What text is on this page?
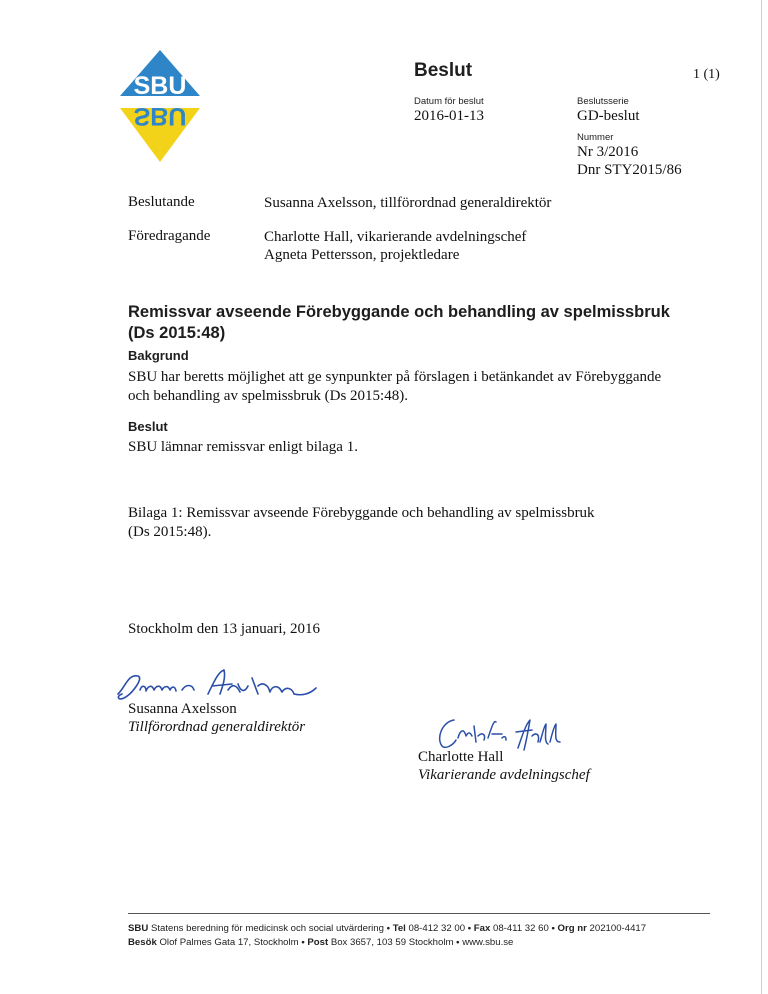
SBU
SBU
Beslut	1 (1)
Datum för beslut
2016-01-13
Beslutsserie
GD-beslut
Nummer
Nr 3/2016
Dnr STY2015/86
Beslutande	Susanna Axelsson, tillförordnad generaldirektör
Föredragande	Charlotte Hall, vikarierande avdelningschef
Agneta Pettersson, projektledare
Remissvar avseende Förebyggande och behandling av spelmissbruk
(Ds 2015:48)
Bakgrund
SBU har beretts möjlighet att ge synpunkter på förslagen i betänkandet av Förebyggande
och behandling av spelmissbruk (Ds 2015:48).
Beslut
SBU lämnar remissvar enligt bilaga 1.
Bilaga 1: Remissvar avseende Förebyggande och behandling av spelmissbruk
(Ds 2015:48).
Stockholm den 13 januari, 2016
Susanna Axelsson
Tillförordnad generaldirektör
Charlotte Hall
Vikarierande avdelningschef
SBU Statens beredning för medicinsk och social utvärdering • Tel 08-412 32 00 • Fax 08-411 32 60 • Org nr 202100-4417
Besök Olof Palmes Gata 17, Stockholm • Post Box 3657, 103 59 Stockholm • www.sbu.se
